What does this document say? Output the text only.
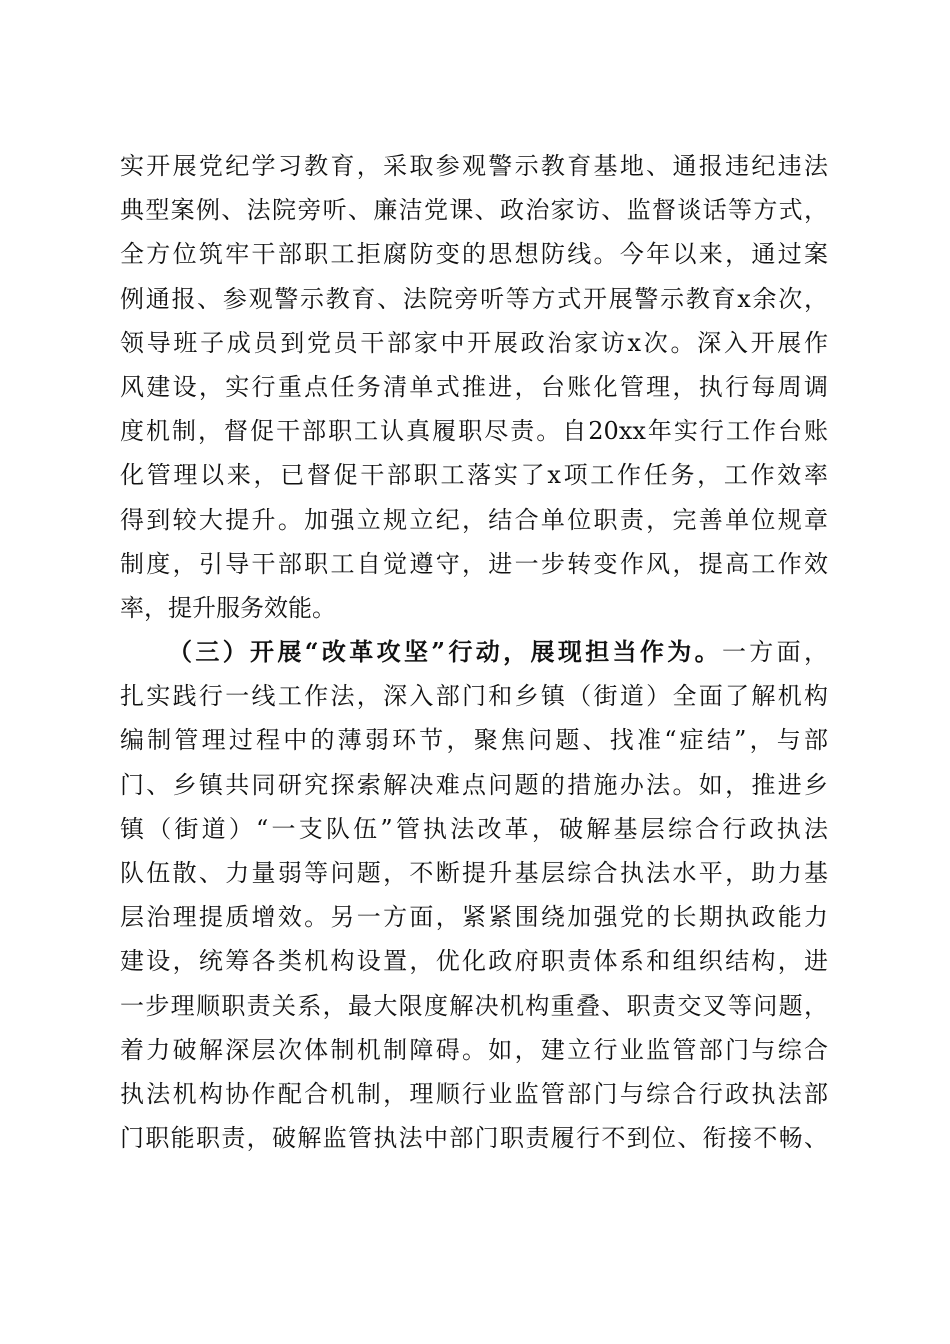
实开展党纪学习教育，采取参观警示教育基地、通报违纪违法
典型案例、法院旁听、廉洁党课、政治家访、监督谈话等方式，
全方位筑牢干部职工拒腐防变的思想防线。今年以来，通过案
例通报、参观警示教育、法院旁听等方式开展警示教育x余次，
领导班子成员到党员干部家中开展政治家访x次。深入开展作
风建设，实行重点任务清单式推进，台账化管理，执行每周调
度机制，督促干部职工认真履职尽责。自20xx年实行工作台账
化管理以来，已督促干部职工落实了x项工作任务，工作效率
得到较大提升。加强立规立纪，结合单位职责，完善单位规章
制度，引导干部职工自觉遵守，进一步转变作风，提高工作效
率，提升服务效能。
（三）开展“改革攻坚”行动，展现担当作为。一方面，
扎实践行一线工作法，深入部门和乡镇（街道）全面了解机构
编制管理过程中的薄弱环节，聚焦问题、找准“症结”，与部
门、乡镇共同研究探索解决难点问题的措施办法。如，推进乡
镇（街道）“一支队伍”管执法改革，破解基层综合行政执法
队伍散、力量弱等问题，不断提升基层综合执法水平，助力基
层治理提质增效。另一方面，紧紧围绕加强党的长期执政能力
建设，统筹各类机构设置，优化政府职责体系和组织结构，进
一步理顺职责关系，最大限度解决机构重叠、职责交叉等问题，
着力破解深层次体制机制障碍。如，建立行业监管部门与综合
执法机构协作配合机制，理顺行业监管部门与综合行政执法部
门职能职责，破解监管执法中部门职责履行不到位、衔接不畅、
